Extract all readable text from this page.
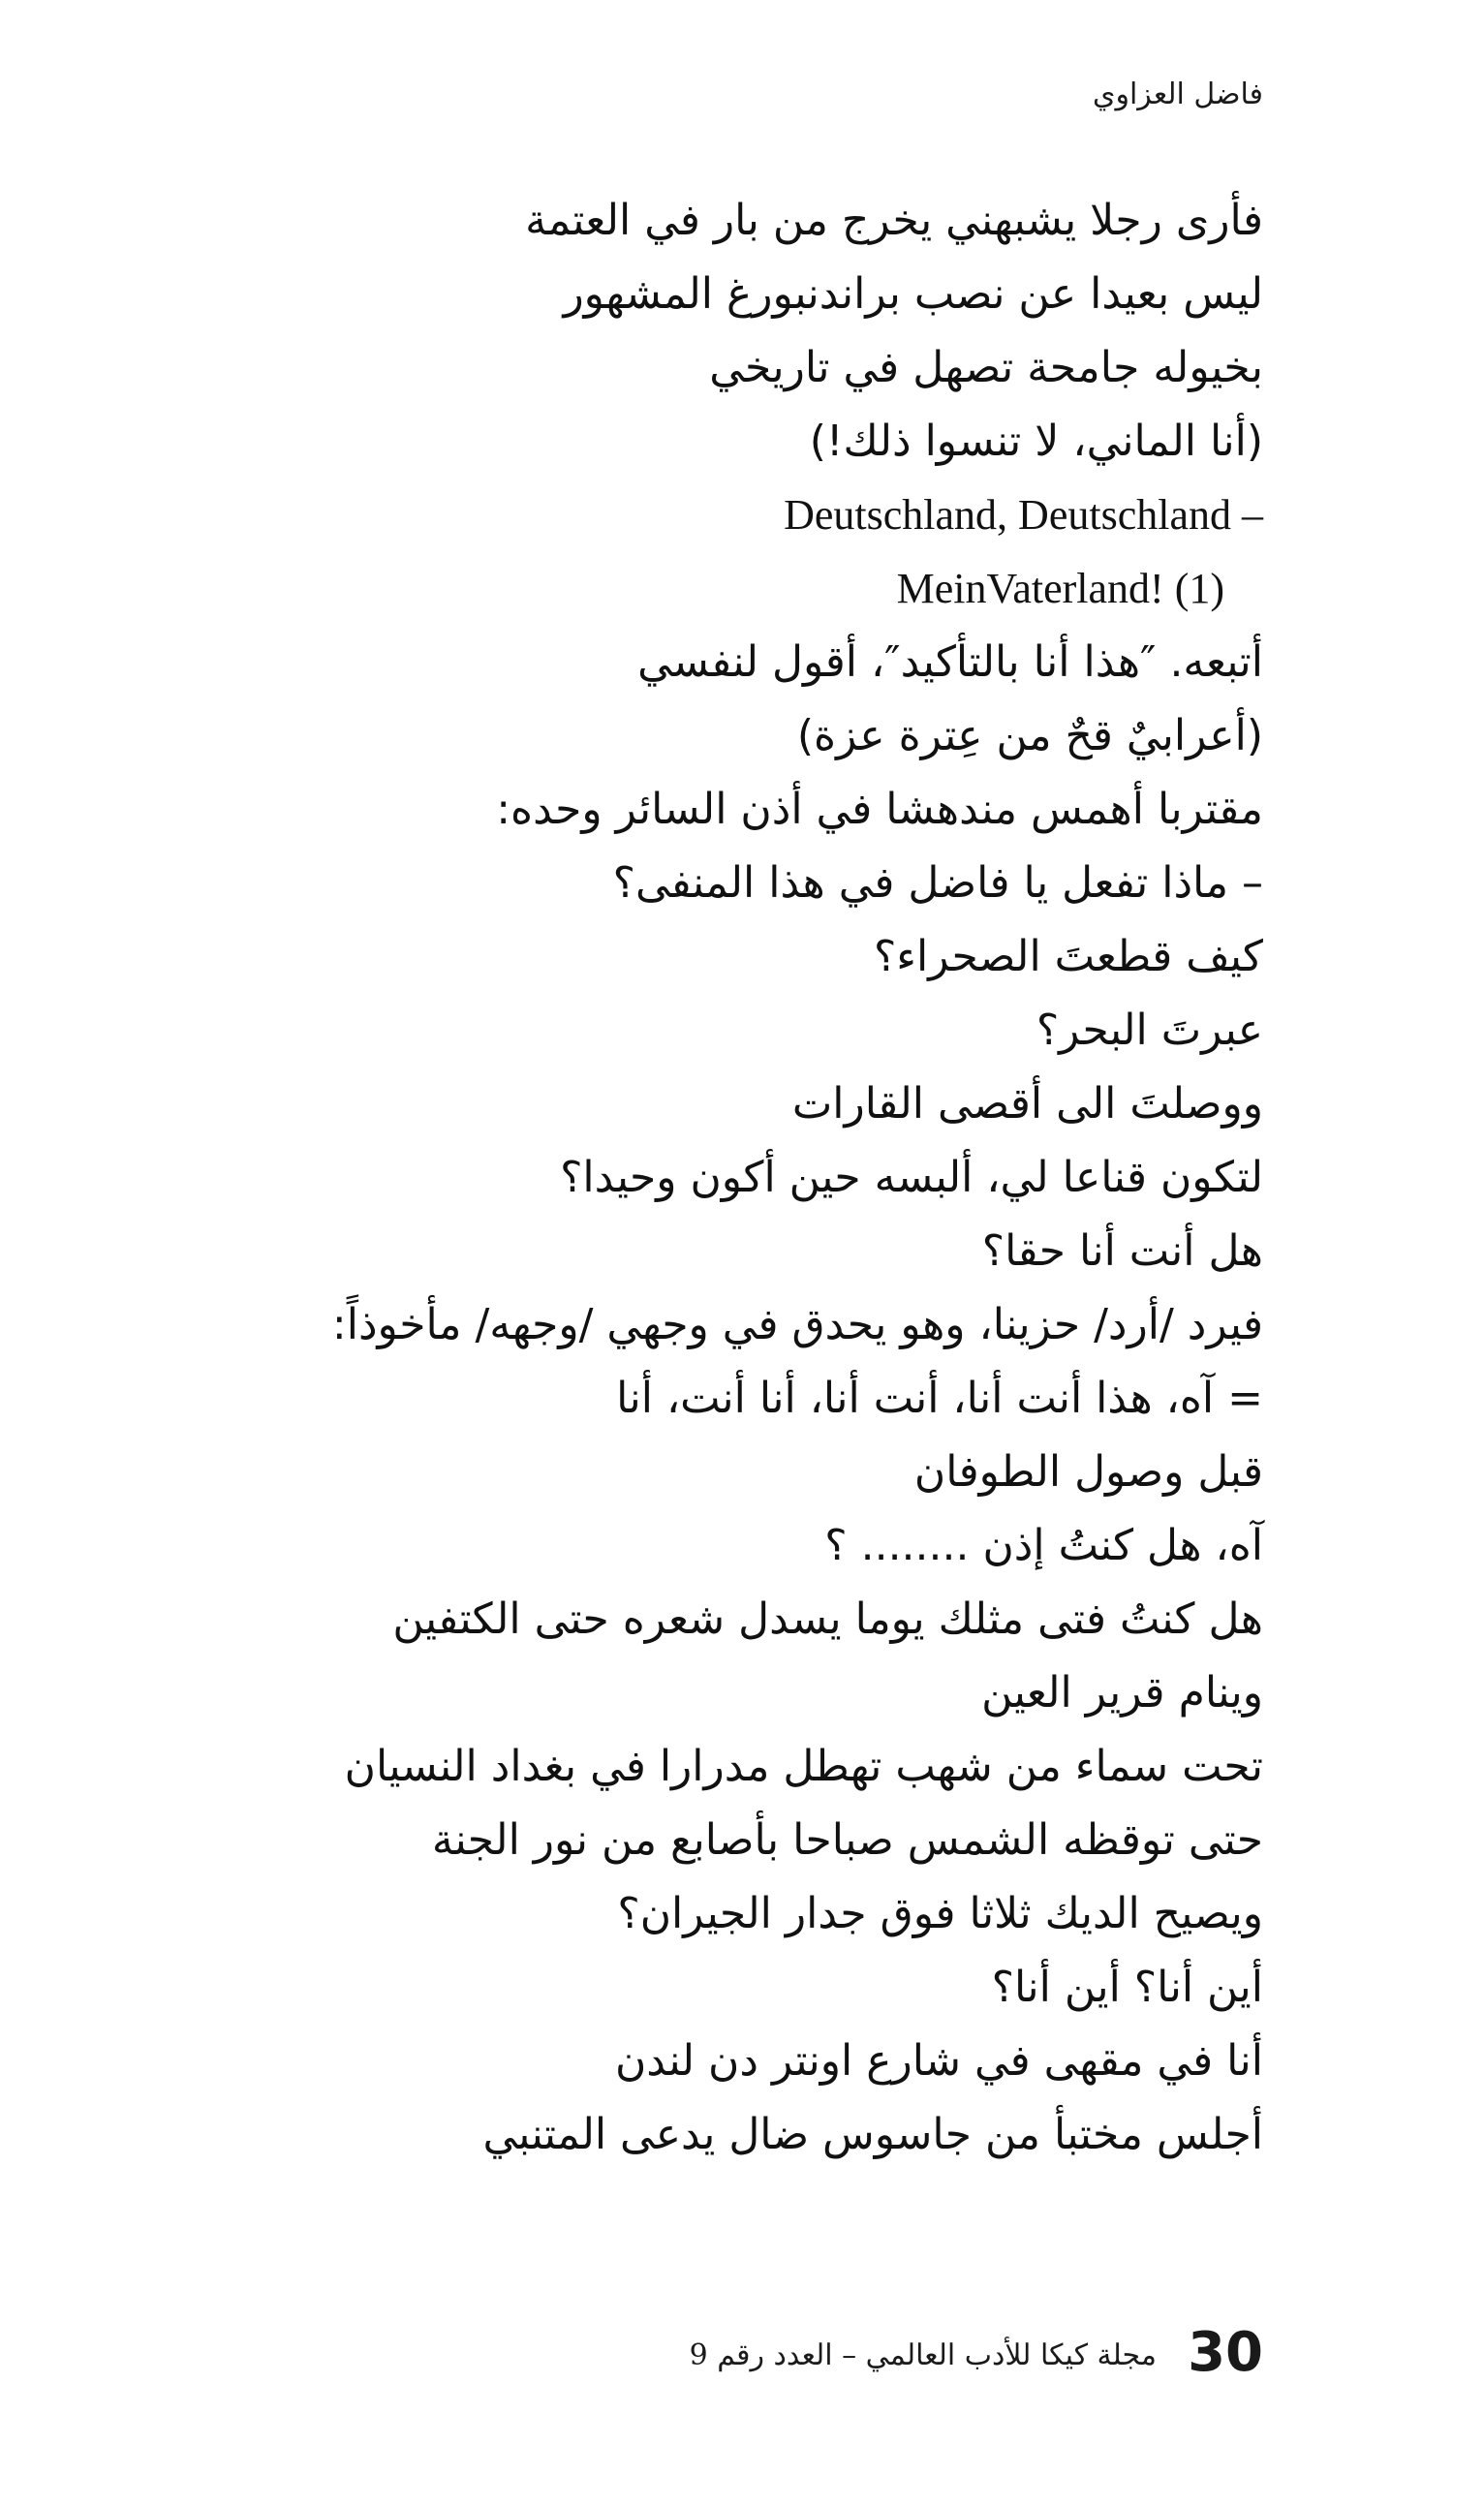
فاضل العزاوي
فأرى رجلا يشبهني يخرج من بار في العتمة
ليس بعيدا عن نصب براندنبورغ المشهور
بخيوله جامحة تصهل في تاريخي
(أنا الماني، لا تنسوا ذلك!)
Deutschland, Deutschland –
MeinVaterland! (1)
أتبعه. ″هذا أنا بالتأكيد″، أقول لنفسي
(أعرابيٌ قحٌ من عِترة عزة)
مقتربا أهمس مندهشا في أذن السائر وحده:
– ماذا تفعل يا فاضل في هذا المنفى؟
كيف قطعتَ الصحراء؟
عبرتَ البحر؟
ووصلتَ الى أقصى القارات
لتكون قناعا لي، ألبسه حين أكون وحيدا؟
هل أنت أنا حقا؟
فيرد /أرد/ حزينا، وهو يحدق في وجهي /وجهه/ مأخوذاً:
= آه، هذا أنت أنا، أنت أنا، أنا أنت، أنا
قبل وصول الطوفان
آه، هل كنتُ إذن ........ ؟
هل كنتُ فتى مثلك يوما يسدل شعره حتى الكتفين
وينام قرير العين
تحت سماء من شهب تهطل مدرارا في بغداد النسيان
حتى توقظه الشمس صباحا بأصابع من نور الجنة
ويصيح الديك ثلاثا فوق جدار الجيران؟
أين أنا؟ أين أنا؟
أنا في مقهى في شارع اونتر دن لندن
أجلس مختبأ من جاسوس ضال يدعى المتنبي
مجلة كيكا للأدب العالمي – العدد رقم 9 30
